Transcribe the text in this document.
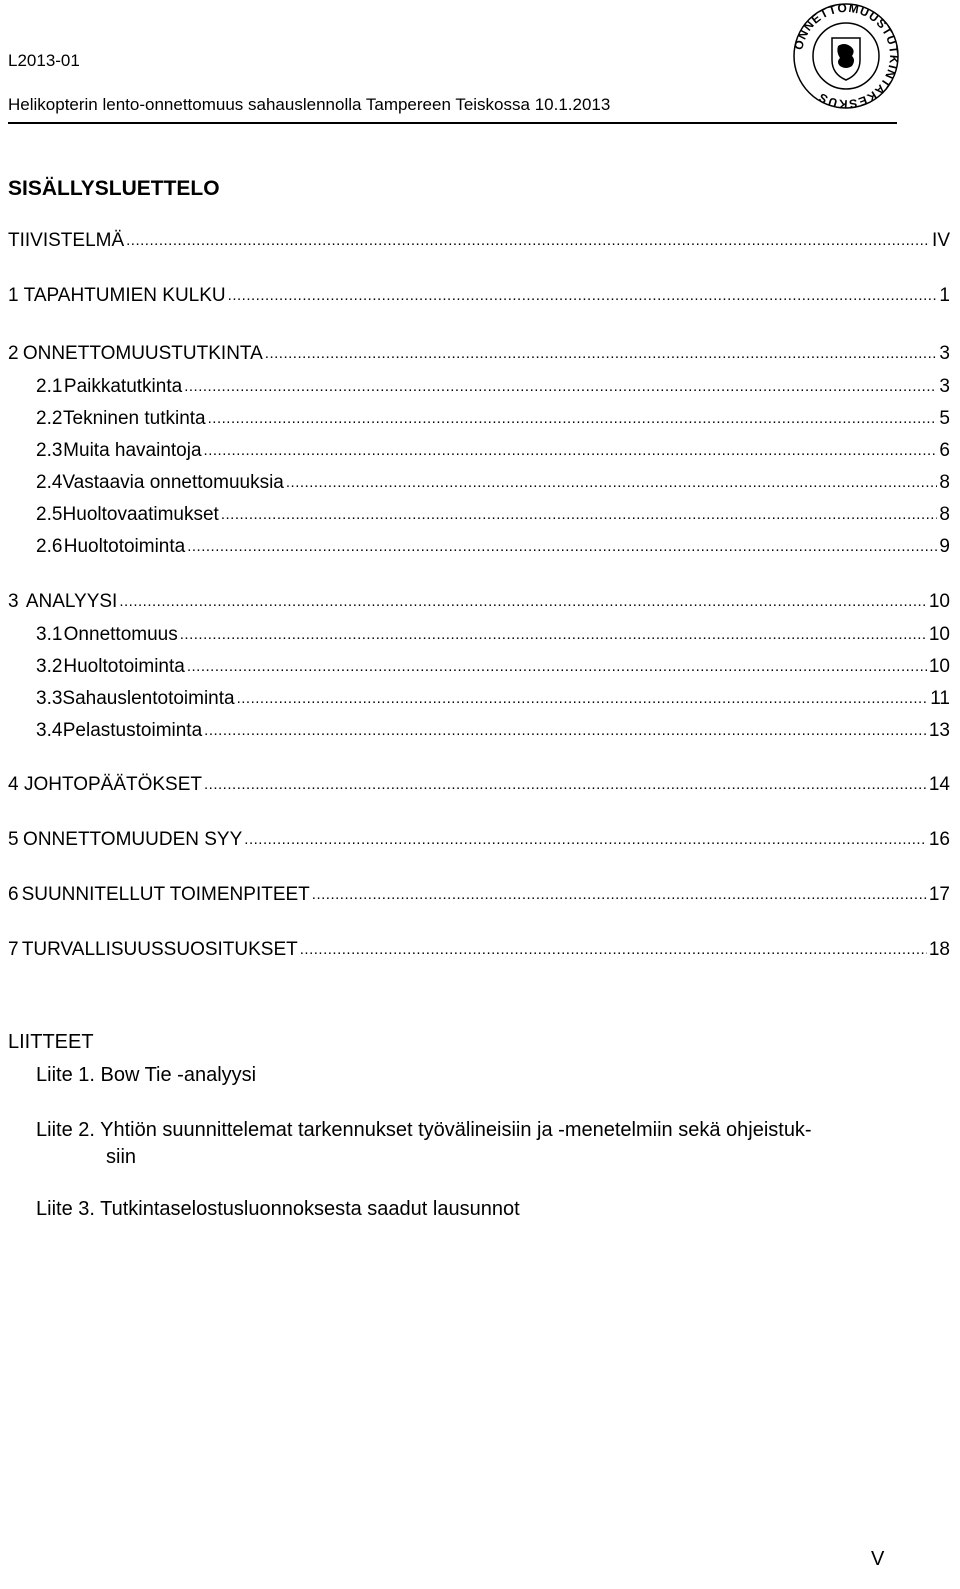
L2013-01
Helikopterin lento-onnettomuus sahauslennolla Tampereen Teiskossa 10.1.2013
ONNETTOMUUSTUTKINTAKESKUS
SISÄLLYSLUETTELO
TIIVISTELMÄ .....	IV
1 TAPAHTUMIEN KULKU .....	1
2 ONNETTOMUUSTUTKINTA .....	3
2.1 Paikkatutkinta .....	3
2.2 Tekninen tutkinta .....	5
2.3 Muita havaintoja .....	6
2.4 Vastaavia onnettomuuksia .....	8
2.5 Huoltovaatimukset .....	8
2.6 Huoltotoiminta .....	9
3 ANALYYSI .....	10
3.1 Onnettomuus .....	10
3.2 Huoltotoiminta .....	10
3.3 Sahauslentotoiminta .....	11
3.4 Pelastustoiminta .....	13
4 JOHTOPÄÄTÖKSET .....	14
5 ONNETTOMUUDEN SYY .....	16
6 SUUNNITELLUT TOIMENPITEET .....	17
7 TURVALLISUUSSUOSITUKSET .....	18
LIITTEET
Liite 1. Bow Tie -analyysi
Liite 2. Yhtiön suunnittelemat tarkennukset työvälineisiin ja -menetelmiin sekä ohjeistuk-
siin
Liite 3. Tutkintaselostusluonnoksesta saadut lausunnot
V
